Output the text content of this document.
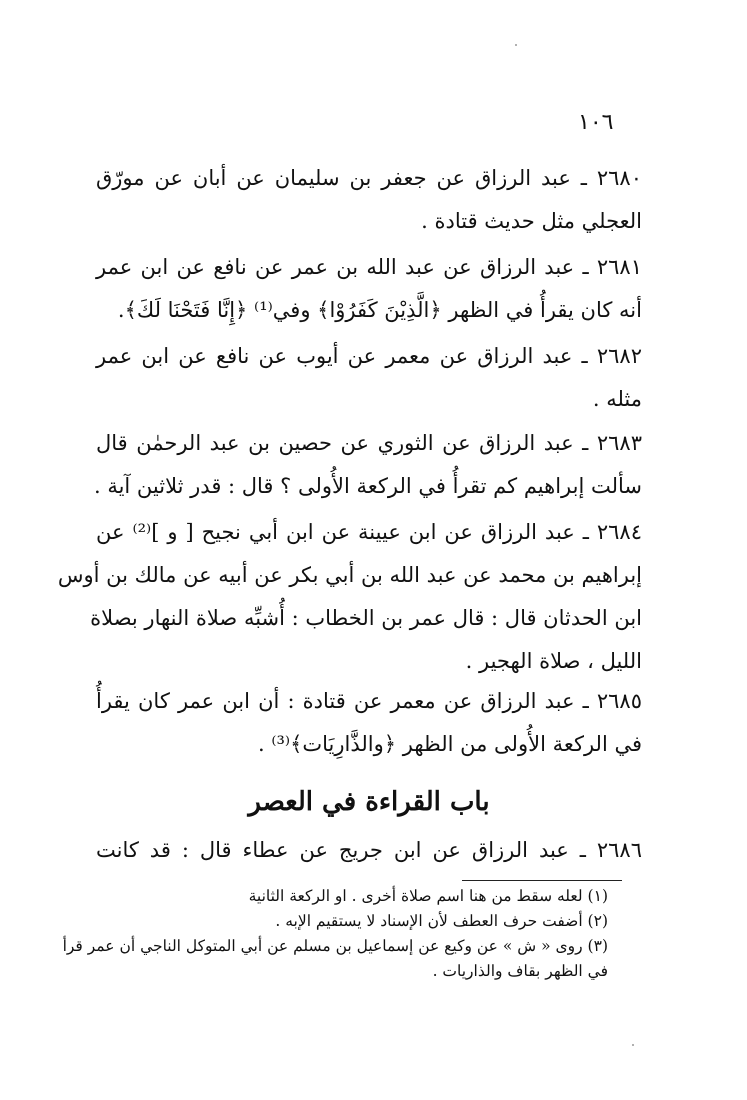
١٠٦
٢٦٨٠ ـ عبد الرزاق عن جعفر بن سليمان عن أبان عن مورّق
العجلي مثل حديث قتادة .
٢٦٨١ ـ عبد الرزاق عن عبد الله بن عمر عن نافع عن ابن عمر
أنه كان يقرأُ في الظهر ﴿الَّذِيْنَ كَفَرُوْا﴾ وفي⁽¹⁾ ﴿إِنَّا فَتَحْنَا لَكَ﴾.
٢٦٨٢ ـ عبد الرزاق عن معمر عن أيوب عن نافع عن ابن عمر
مثله .
٢٦٨٣ ـ عبد الرزاق عن الثوري عن حصين بن عبد الرحمٰن قال
سألت إبراهيم كم تقرأُ في الركعة الأُولى ؟ قال : قدر ثلاثين آية .
٢٦٨٤ ـ عبد الرزاق عن ابن عيينة عن ابن أبي نجيح [ و ]⁽²⁾ عن
إبراهيم بن محمد عن عبد الله بن أبي بكر عن أبيه عن مالك بن أوس
ابن الحدثان قال : قال عمر بن الخطاب : أُشبِّه صلاة النهار بصلاة
الليل ، صلاة الهجير .
٢٦٨٥ ـ عبد الرزاق عن معمر عن قتادة : أن ابن عمر كان يقرأُ
في الركعة الأُولى من الظهر ﴿والذَّارِيَات﴾⁽³⁾ .
باب القراءة في العصر
٢٦٨٦ ـ عبد الرزاق عن ابن جريج عن عطاء قال : قد كانت
(١) لعله سقط من هنا اسم صلاة أخرى . او الركعة الثانية
(٢) أضفت حرف العطف لأن الإسناد لا يستقيم الإبه .
(٣) روى « ش » عن وكيع عن إسماعيل بن مسلم عن أبي المتوكل الناجي أن عمر قرأ
في الظهر بقاف والذاريات .
